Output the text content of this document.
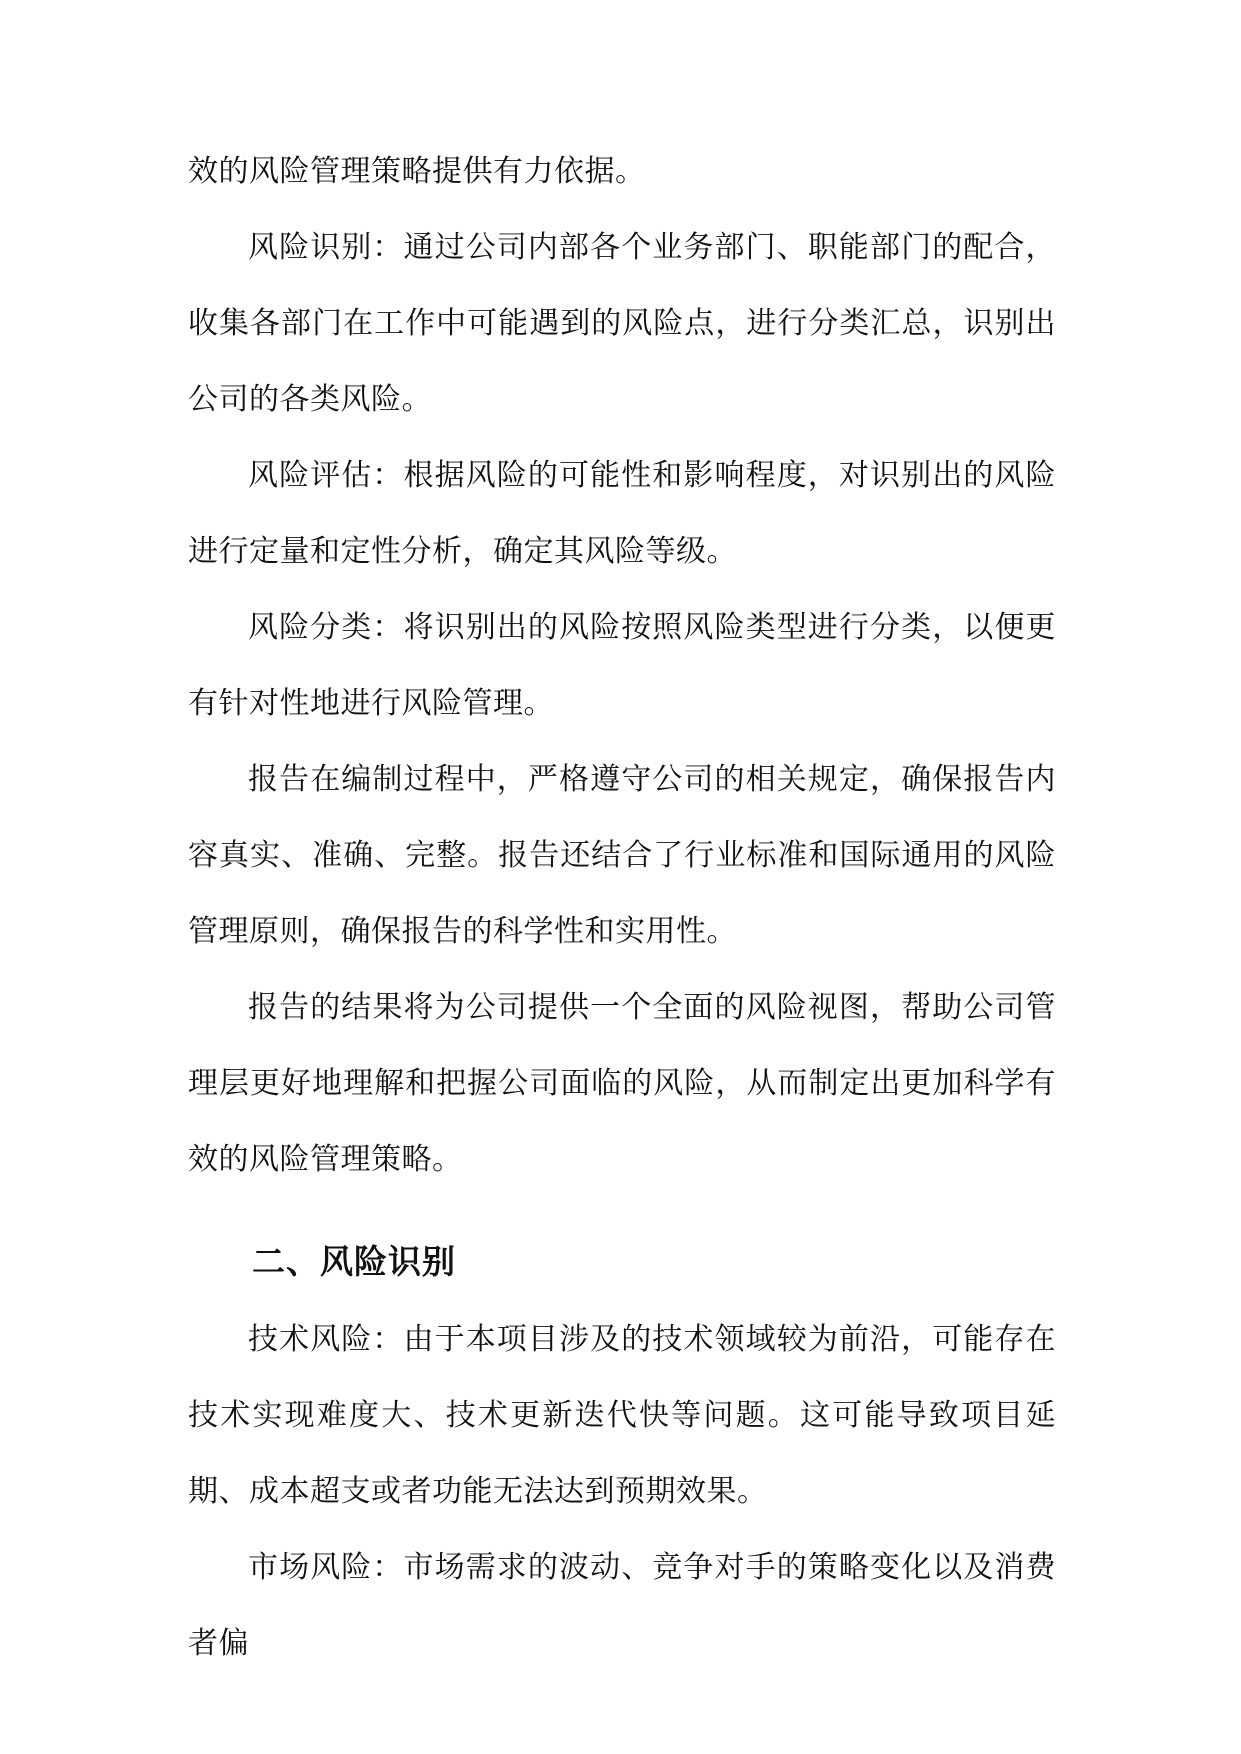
效的风险管理策略提供有力依据。

风险识别：通过公司内部各个业务部门、职能部门的配合，收集各部门在工作中可能遇到的风险点，进行分类汇总，识别出公司的各类风险。

风险评估：根据风险的可能性和影响程度，对识别出的风险进行定量和定性分析，确定其风险等级。

风险分类：将识别出的风险按照风险类型进行分类，以便更有针对性地进行风险管理。

报告在编制过程中，严格遵守公司的相关规定，确保报告内容真实、准确、完整。报告还结合了行业标准和国际通用的风险管理原则，确保报告的科学性和实用性。

报告的结果将为公司提供一个全面的风险视图，帮助公司管理层更好地理解和把握公司面临的风险，从而制定出更加科学有效的风险管理策略。

二、风险识别

技术风险：由于本项目涉及的技术领域较为前沿，可能存在技术实现难度大、技术更新迭代快等问题。这可能导致项目延期、成本超支或者功能无法达到预期效果。

市场风险：市场需求的波动、竞争对手的策略变化以及消费者偏
